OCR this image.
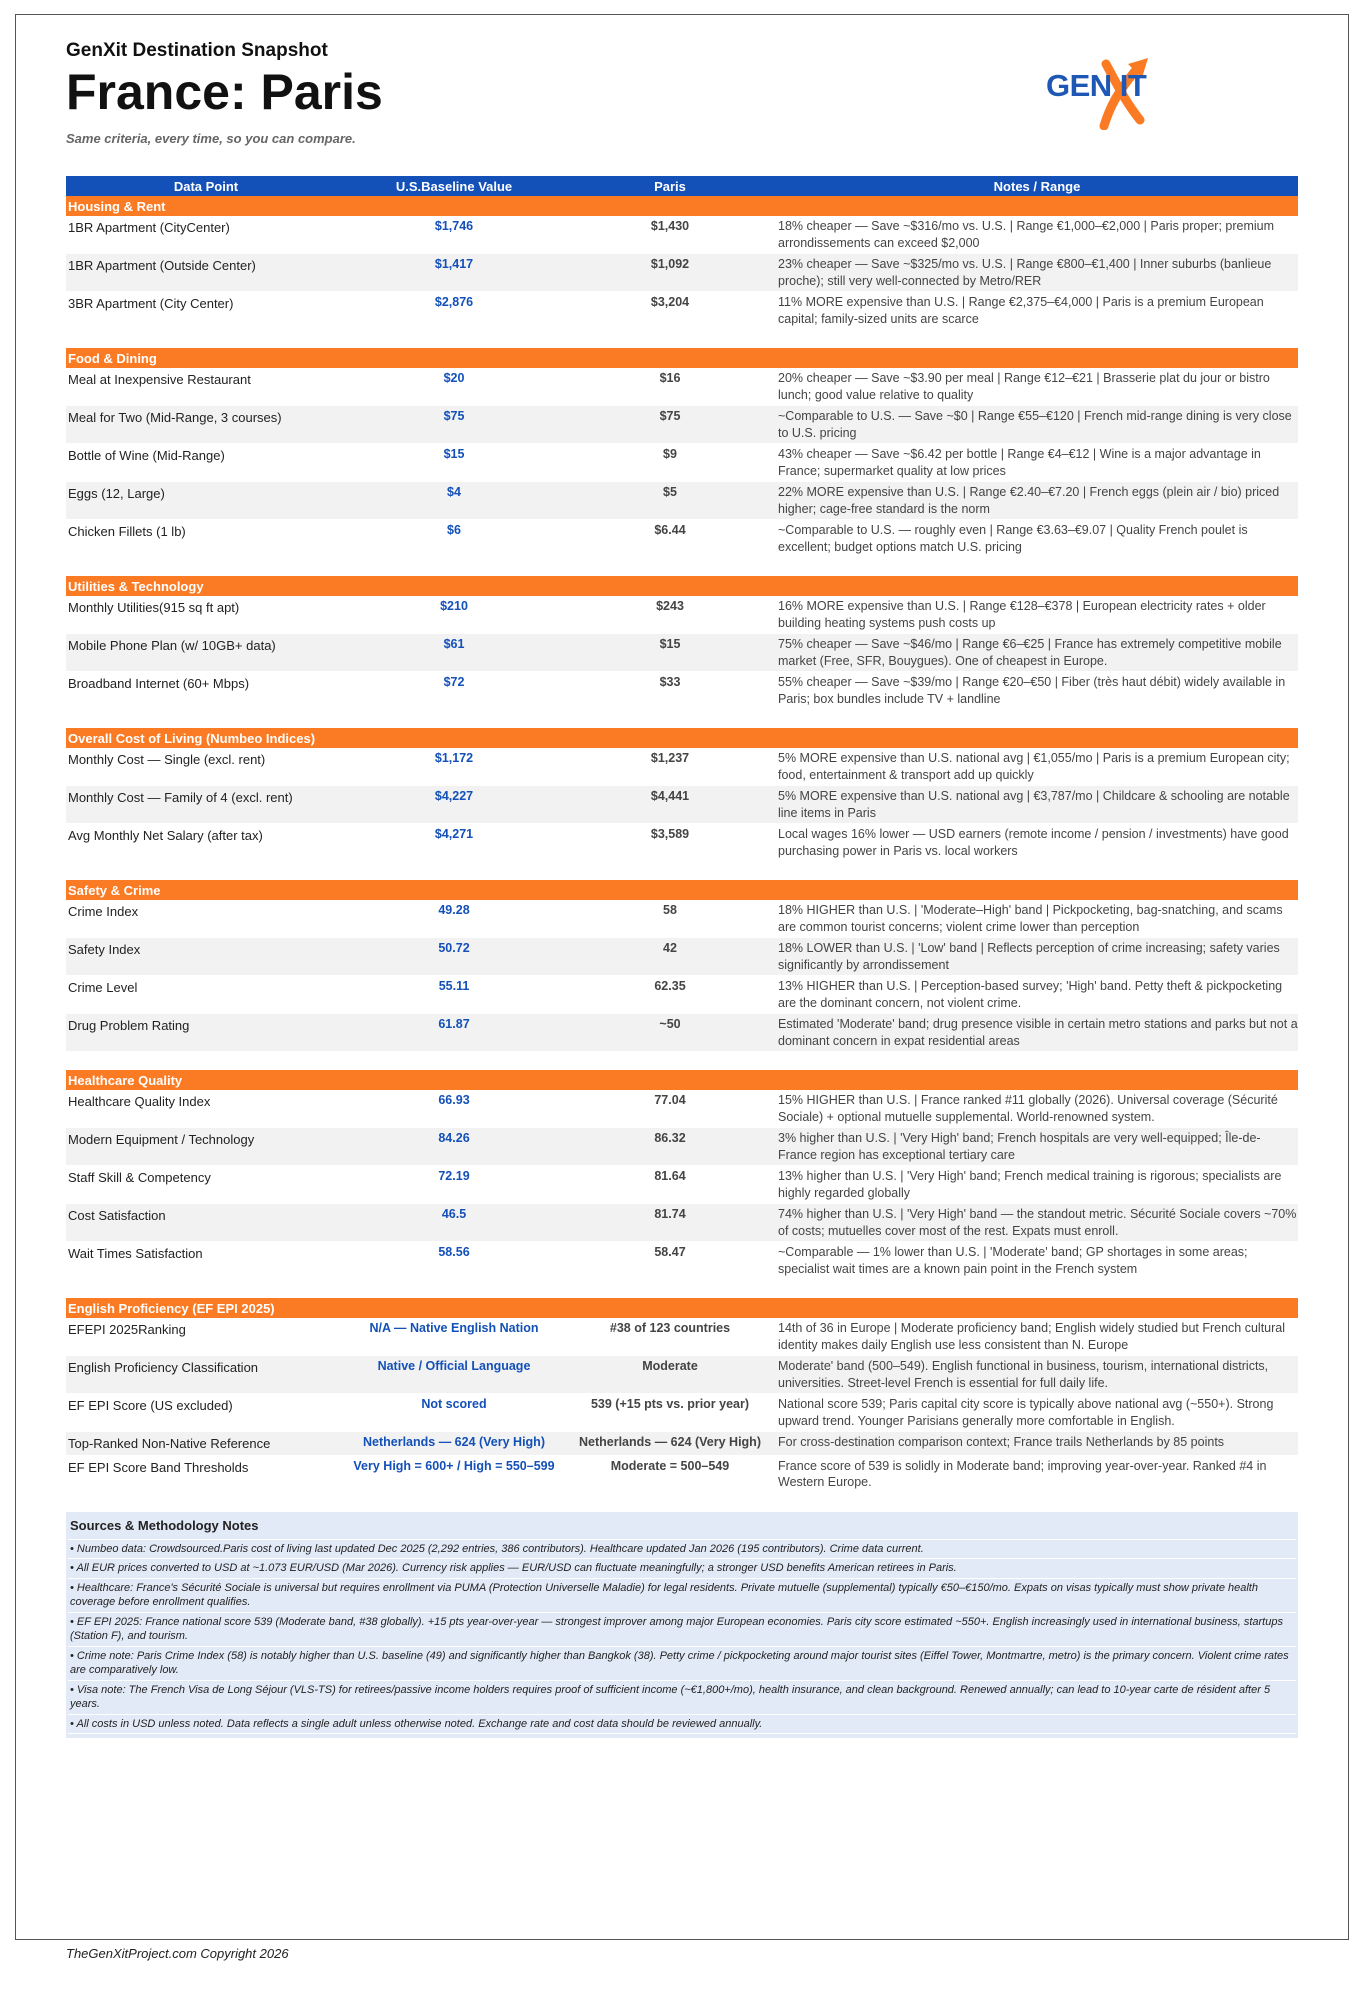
GenXit Destination Snapshot
France: Paris
Same criteria, every time, so you can compare.
GEN IT
Data Point	U.S.Baseline Value	Paris	Notes / Range
Housing & Rent
1BR Apartment (CityCenter)	$1,746	$1,430	18% cheaper — Save ~$316/mo vs. U.S. | Range €1,000–€2,000 | Paris proper; premium arrondissements can exceed $2,000
1BR Apartment (Outside Center)	$1,417	$1,092	23% cheaper — Save ~$325/mo vs. U.S. | Range €800–€1,400 | Inner suburbs (banlieue proche); still very well-connected by Metro/RER
3BR Apartment (City Center)	$2,876	$3,204	11% MORE expensive than U.S. | Range €2,375–€4,000 | Paris is a premium European capital; family-sized units are scarce
Food & Dining
Meal at Inexpensive Restaurant	$20	$16	20% cheaper — Save ~$3.90 per meal | Range €12–€21 | Brasserie plat du jour or bistro lunch; good value relative to quality
Meal for Two (Mid-Range, 3 courses)	$75	$75	~Comparable to U.S. — Save ~$0 | Range €55–€120 | French mid-range dining is very close to U.S. pricing
Bottle of Wine (Mid-Range)	$15	$9	43% cheaper — Save ~$6.42 per bottle | Range €4–€12 | Wine is a major advantage in France; supermarket quality at low prices
Eggs (12, Large)	$4	$5	22% MORE expensive than U.S. | Range €2.40–€7.20 | French eggs (plein air / bio) priced higher; cage-free standard is the norm
Chicken Fillets (1 lb)	$6	$6.44	~Comparable to U.S. — roughly even | Range €3.63–€9.07 | Quality French poulet is excellent; budget options match U.S. pricing
Utilities & Technology
Monthly Utilities(915 sq ft apt)	$210	$243	16% MORE expensive than U.S. | Range €128–€378 | European electricity rates + older building heating systems push costs up
Mobile Phone Plan (w/ 10GB+ data)	$61	$15	75% cheaper — Save ~$46/mo | Range €6–€25 | France has extremely competitive mobile market (Free, SFR, Bouygues). One of cheapest in Europe.
Broadband Internet (60+ Mbps)	$72	$33	55% cheaper — Save ~$39/mo | Range €20–€50 | Fiber (très haut débit) widely available in Paris; box bundles include TV + landline
Overall Cost of Living (Numbeo Indices)
Monthly Cost — Single (excl. rent)	$1,172	$1,237	5% MORE expensive than U.S. national avg | €1,055/mo | Paris is a premium European city; food, entertainment & transport add up quickly
Monthly Cost — Family of 4 (excl. rent)	$4,227	$4,441	5% MORE expensive than U.S. national avg | €3,787/mo | Childcare & schooling are notable line items in Paris
Avg Monthly Net Salary (after tax)	$4,271	$3,589	Local wages 16% lower — USD earners (remote income / pension / investments) have good purchasing power in Paris vs. local workers
Safety & Crime
Crime Index	49.28	58	18% HIGHER than U.S. | 'Moderate–High' band | Pickpocketing, bag-snatching, and scams are common tourist concerns; violent crime lower than perception
Safety Index	50.72	42	18% LOWER than U.S. | 'Low' band | Reflects perception of crime increasing; safety varies significantly by arrondissement
Crime Level	55.11	62.35	13% HIGHER than U.S. | Perception-based survey; 'High' band. Petty theft & pickpocketing are the dominant concern, not violent crime.
Drug Problem Rating	61.87	~50	Estimated 'Moderate' band; drug presence visible in certain metro stations and parks but not a dominant concern in expat residential areas
Healthcare Quality
Healthcare Quality Index	66.93	77.04	15% HIGHER than U.S. | France ranked #11 globally (2026). Universal coverage (Sécurité Sociale) + optional mutuelle supplemental. World-renowned system.
Modern Equipment / Technology	84.26	86.32	3% higher than U.S. | 'Very High' band; French hospitals are very well-equipped; Île-de-France region has exceptional tertiary care
Staff Skill & Competency	72.19	81.64	13% higher than U.S. | 'Very High' band; French medical training is rigorous; specialists are highly regarded globally
Cost Satisfaction	46.5	81.74	74% higher than U.S. | 'Very High' band — the standout metric. Sécurité Sociale covers ~70% of costs; mutuelles cover most of the rest. Expats must enroll.
Wait Times Satisfaction	58.56	58.47	~Comparable — 1% lower than U.S. | 'Moderate' band; GP shortages in some areas; specialist wait times are a known pain point in the French system
English Proficiency (EF EPI 2025)
EFEPI 2025Ranking	N/A — Native English Nation	#38 of 123 countries	14th of 36 in Europe | Moderate proficiency band; English widely studied but French cultural identity makes daily English use less consistent than N. Europe
English Proficiency Classification	Native / Official Language	Moderate	Moderate' band (500–549). English functional in business, tourism, international districts, universities. Street-level French is essential for full daily life.
EF EPI Score (US excluded)	Not scored	539 (+15 pts vs. prior year)	National score 539; Paris capital city score is typically above national avg (~550+). Strong upward trend. Younger Parisians generally more comfortable in English.
Top-Ranked Non-Native Reference	Netherlands — 624 (Very High)	Netherlands — 624 (Very High)	For cross-destination comparison context; France trails Netherlands by 85 points
EF EPI Score Band Thresholds	Very High = 600+ / High = 550–599	Moderate = 500–549	France score of 539 is solidly in Moderate band; improving year-over-year. Ranked #4 in Western Europe.
Sources & Methodology Notes
• Numbeo data: Crowdsourced.Paris cost of living last updated Dec 2025 (2,292 entries, 386 contributors). Healthcare updated Jan 2026 (195 contributors). Crime data current.
• All EUR prices converted to USD at ~1.073 EUR/USD (Mar 2026). Currency risk applies — EUR/USD can fluctuate meaningfully; a stronger USD benefits American retirees in Paris.
• Healthcare: France's Sécurité Sociale is universal but requires enrollment via PUMA (Protection Universelle Maladie) for legal residents. Private mutuelle (supplemental) typically €50–€150/mo. Expats on visas typically must show private health coverage before enrollment qualifies.
• EF EPI 2025: France national score 539 (Moderate band, #38 globally). +15 pts year-over-year — strongest improver among major European economies. Paris city score estimated ~550+. English increasingly used in international business, startups (Station F), and tourism.
• Crime note: Paris Crime Index (58) is notably higher than U.S. baseline (49) and significantly higher than Bangkok (38). Petty crime / pickpocketing around major tourist sites (Eiffel Tower, Montmartre, metro) is the primary concern. Violent crime rates are comparatively low.
• Visa note: The French Visa de Long Séjour (VLS-TS) for retirees/passive income holders requires proof of sufficient income (~€1,800+/mo), health insurance, and clean background. Renewed annually; can lead to 10-year carte de résident after 5 years.
• All costs in USD unless noted. Data reflects a single adult unless otherwise noted. Exchange rate and cost data should be reviewed annually.
TheGenXitProject.com Copyright 2026
